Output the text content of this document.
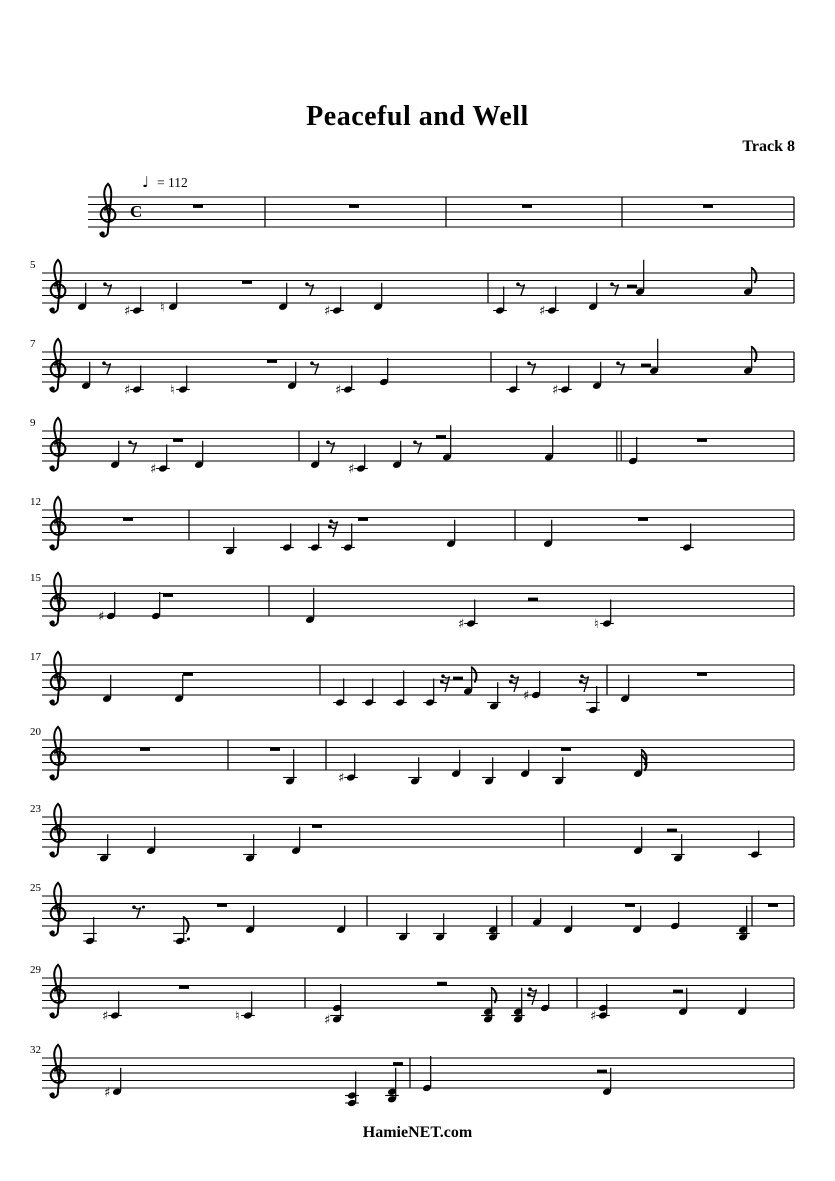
Peaceful and Well
Track 8
C
♩ = 112
5
♯ ♮	♯	♯
7
♯	♮	♯	♯
9
♯	♯
12
15
♯	♯	♮
17
♯
20
♯
23
25
29
♯	♮	♯	♯
32
♯
HamieNET.com
